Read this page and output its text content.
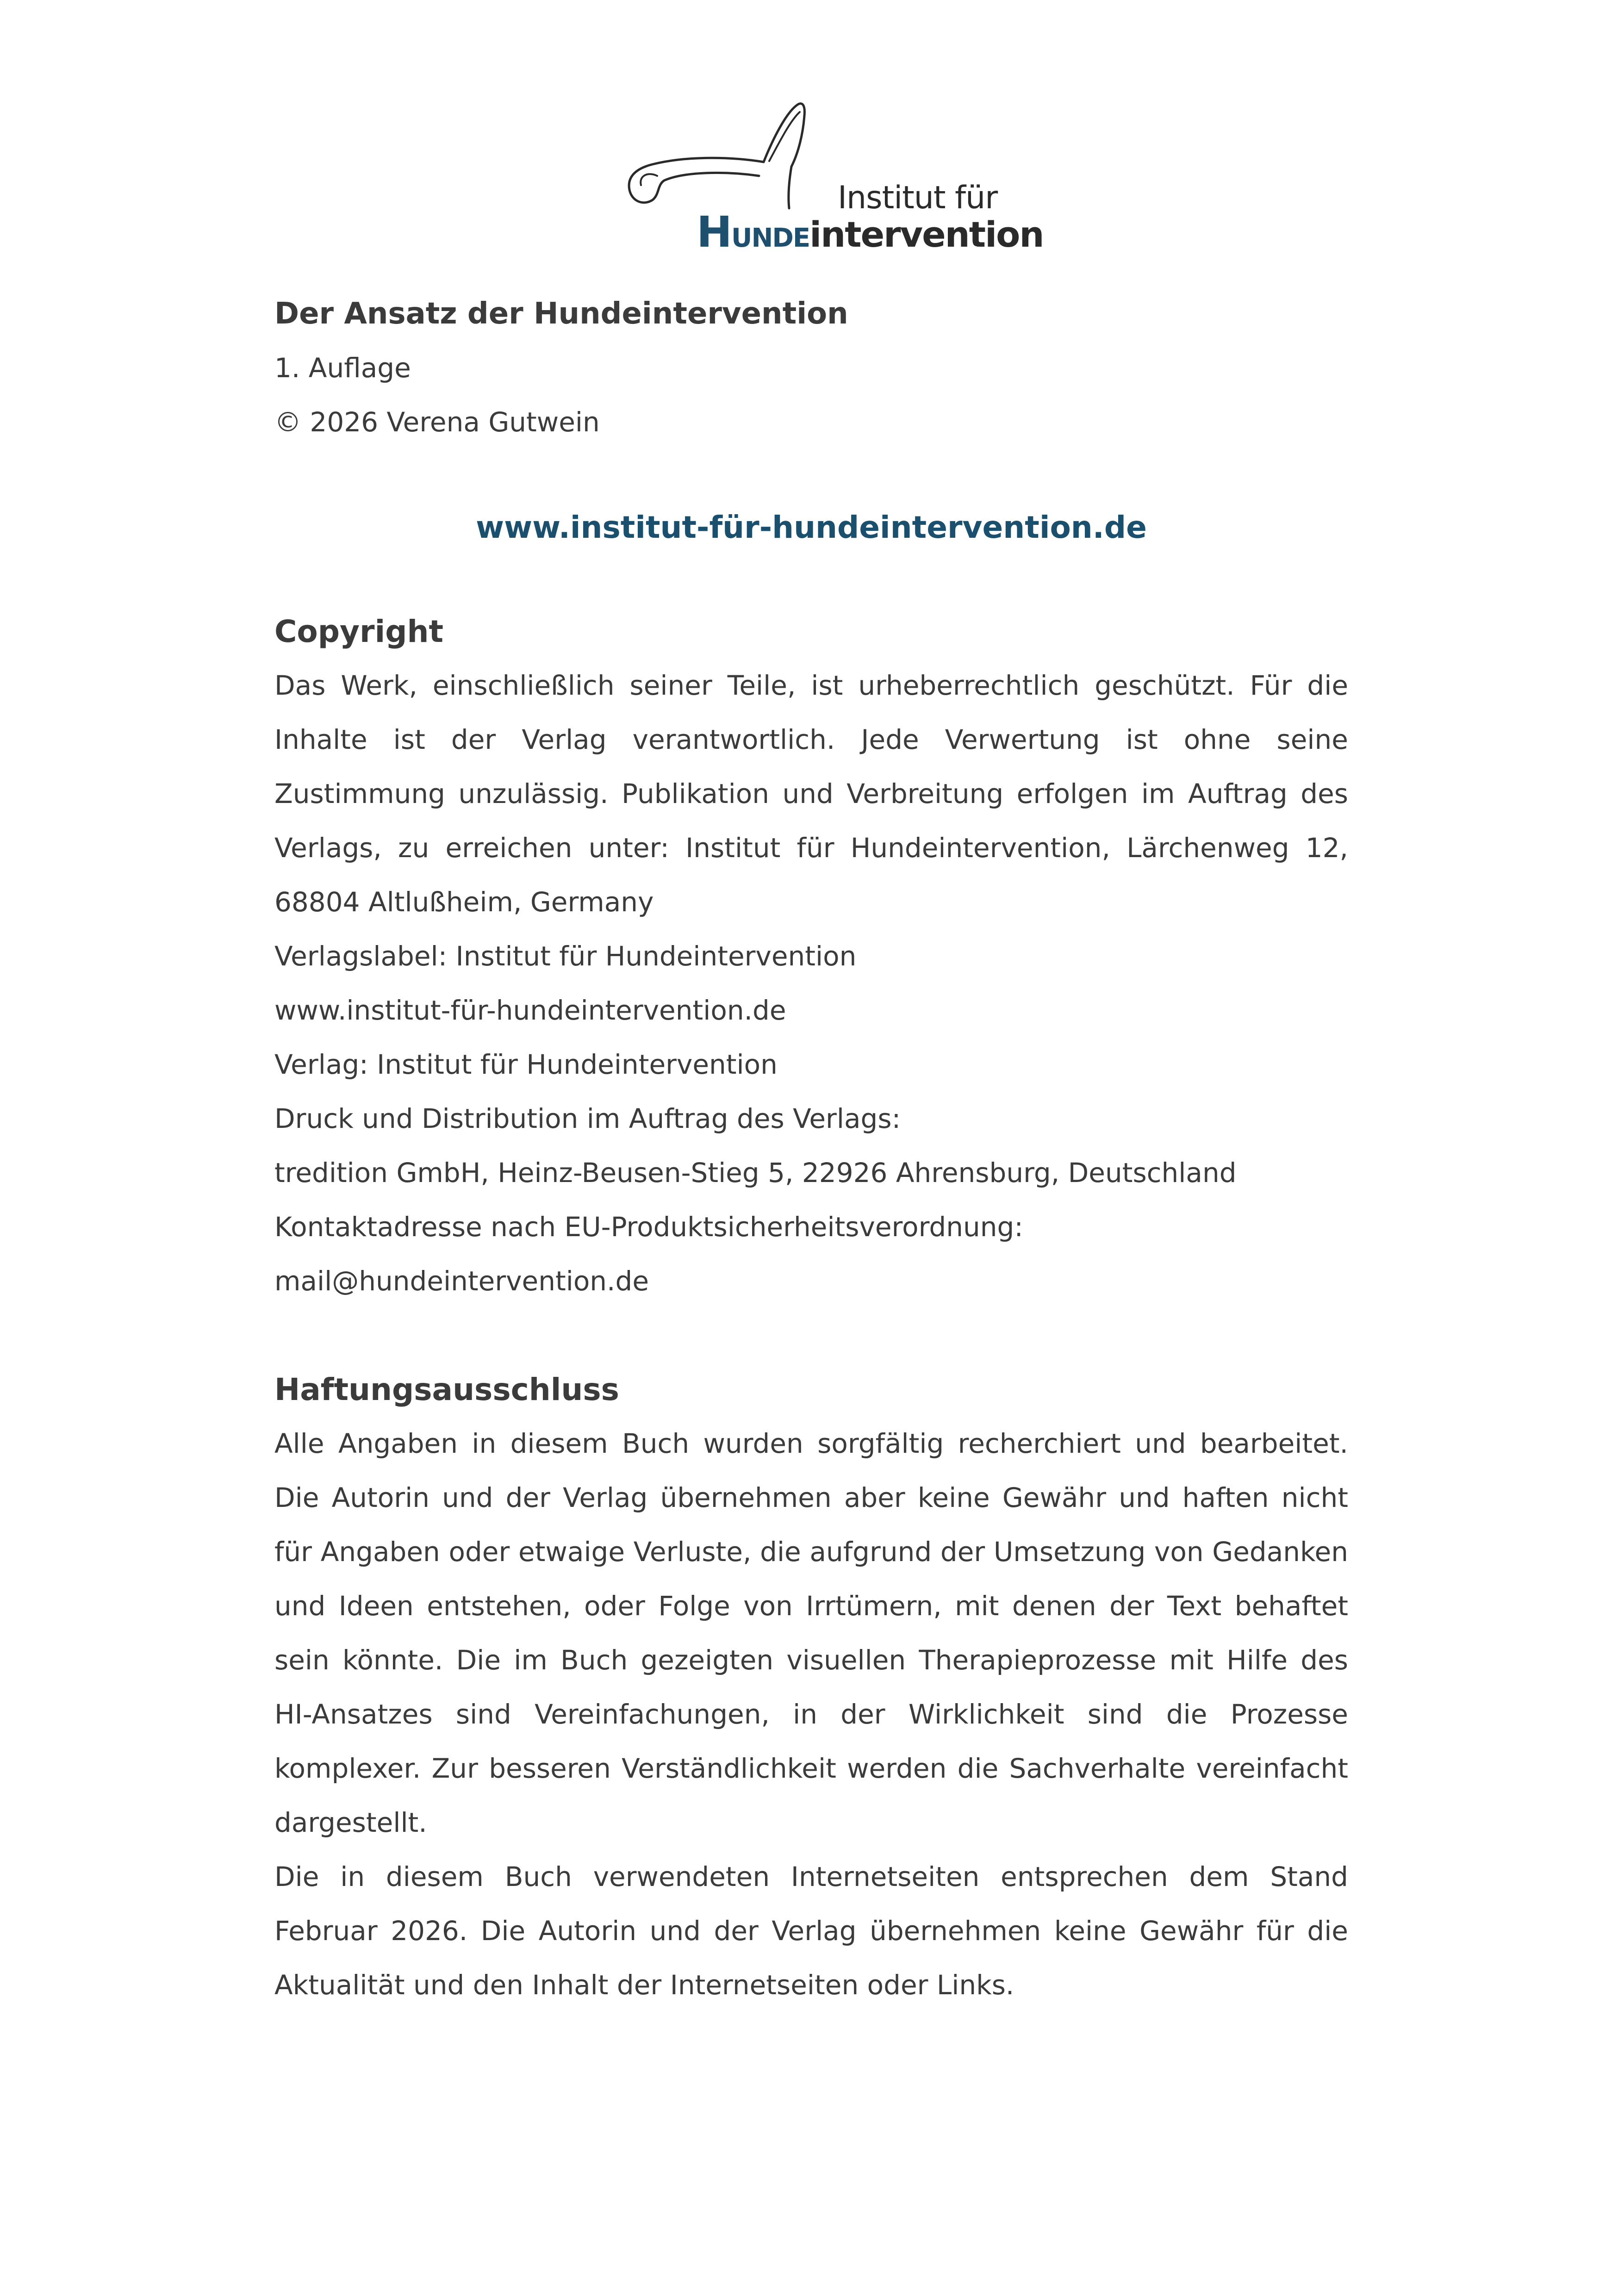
Institut für
HUNDEintervention

Der Ansatz der Hundeintervention

1. Auflage

© 2026 Verena Gutwein

www.institut-für-hundeintervention.de

Copyright

Das Werk, einschließlich seiner Teile, ist urheberrechtlich geschützt. Für die Inhalte ist der Verlag verantwortlich. Jede Verwertung ist ohne seine Zustimmung unzulässig. Publikation und Verbreitung erfolgen im Auftrag des Verlags, zu erreichen unter: Institut für Hundeintervention, Lärchenweg 12, 68804 Altlußheim, Germany

Verlagslabel: Institut für Hundeintervention

www.institut-für-hundeintervention.de

Verlag: Institut für Hundeintervention

Druck und Distribution im Auftrag des Verlags:

tredition GmbH, Heinz-Beusen-Stieg 5, 22926 Ahrensburg, Deutschland

Kontaktadresse nach EU-Produktsicherheitsverordnung:

mail@hundeintervention.de

Haftungsausschluss

Alle Angaben in diesem Buch wurden sorgfältig recherchiert und bearbeitet. Die Autorin und der Verlag übernehmen aber keine Gewähr und haften nicht für Angaben oder etwaige Verluste, die aufgrund der Umsetzung von Gedanken und Ideen entstehen, oder Folge von Irrtümern, mit denen der Text behaftet sein könnte. Die im Buch gezeigten visuellen Therapieprozesse mit Hilfe des HI-Ansatzes sind Vereinfachungen, in der Wirklichkeit sind die Prozesse komplexer. Zur besseren Verständlichkeit werden die Sachverhalte vereinfacht dargestellt.

Die in diesem Buch verwendeten Internetseiten entsprechen dem Stand Februar 2026. Die Autorin und der Verlag übernehmen keine Gewähr für die Aktualität und den Inhalt der Internetseiten oder Links.
